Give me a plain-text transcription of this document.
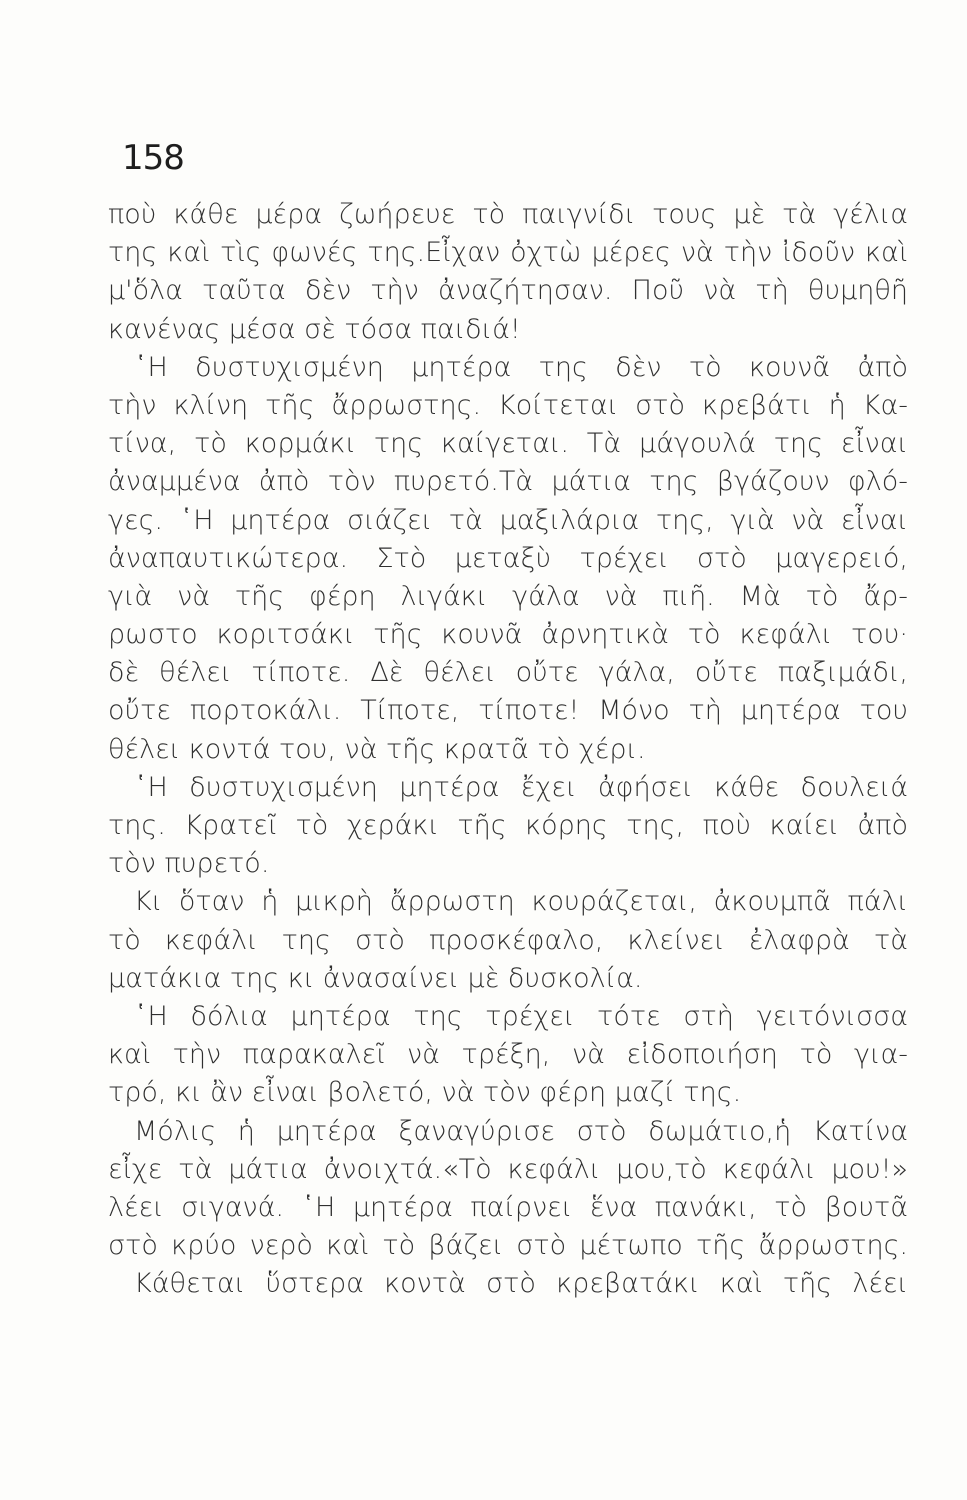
158
ποὺ κάθε μέρα ζωήρευε τὸ παιγνίδι τους μὲ τὰ γέλια
της καὶ τὶς φωνές της.Εἶχαν ὀχτὼ μέρες νὰ τὴν ἰδοῦν καὶ
μ'ὅλα ταῦτα δὲν τὴν ἀναζήτησαν. Ποῦ νὰ τὴ θυμηθῆ
κανένας μέσα σὲ τόσα παιδιά!
῾Η δυστυχισμένη μητέρα της δὲν τὸ κουνᾶ ἀπὸ
τὴν κλίνη τῆς ἄρρωστης. Κοίτεται στὸ κρεβάτι ἡ Κα-
τίνα, τὸ κορμάκι της καίγεται. Τὰ μάγουλά της εἶναι
ἀναμμένα ἀπὸ τὸν πυρετό.Τὰ μάτια της βγάζουν φλό-
γες. ῾Η μητέρα σιάζει τὰ μαξιλάρια της, γιὰ νὰ εἶναι
ἀναπαυτικώτερα. Στὸ μεταξὺ τρέχει στὸ μαγερειό,
γιὰ νὰ τῆς φέρη λιγάκι γάλα νὰ πιῆ. Μὰ τὸ ἄρ-
ρωστο κοριτσάκι τῆς κουνᾶ ἀρνητικὰ τὸ κεφάλι του·
δὲ θέλει τίποτε. Δὲ θέλει οὔτε γάλα, οὔτε παξιμάδι,
οὔτε πορτοκάλι. Τίποτε, τίποτε! Μόνο τὴ μητέρα του
θέλει κοντά του, νὰ τῆς κρατᾶ τὸ χέρι.
῾Η δυστυχισμένη μητέρα ἔχει ἀφήσει κάθε δουλειά
της. Κρατεῖ τὸ χεράκι τῆς κόρης της, ποὺ καίει ἀπὸ
τὸν πυρετό.
Κι ὅταν ἡ μικρὴ ἄρρωστη κουράζεται, ἀκουμπᾶ πάλι
τὸ κεφάλι της στὸ προσκέφαλο, κλείνει ἐλαφρὰ τὰ
ματάκια της κι ἀνασαίνει μὲ δυσκολία.
῾Η δόλια μητέρα της τρέχει τότε στὴ γειτόνισσα
καὶ τὴν παρακαλεῖ νὰ τρέξη, νὰ εἰδοποιήση τὸ για-
τρό, κι ἂν εἶναι βολετό, νὰ τὸν φέρη μαζί της.
Μόλις ἡ μητέρα ξαναγύρισε στὸ δωμάτιο,ἡ Κατίνα
εἶχε τὰ μάτια ἀνοιχτά.«Τὸ κεφάλι μου,τὸ κεφάλι μου!»
λέει σιγανά. ῾Η μητέρα παίρνει ἕνα πανάκι, τὸ βουτᾶ
στὸ κρύο νερὸ καὶ τὸ βάζει στὸ μέτωπο τῆς ἄρρωστης.
Κάθεται ὕστερα κοντὰ στὸ κρεβατάκι καὶ τῆς λέει
